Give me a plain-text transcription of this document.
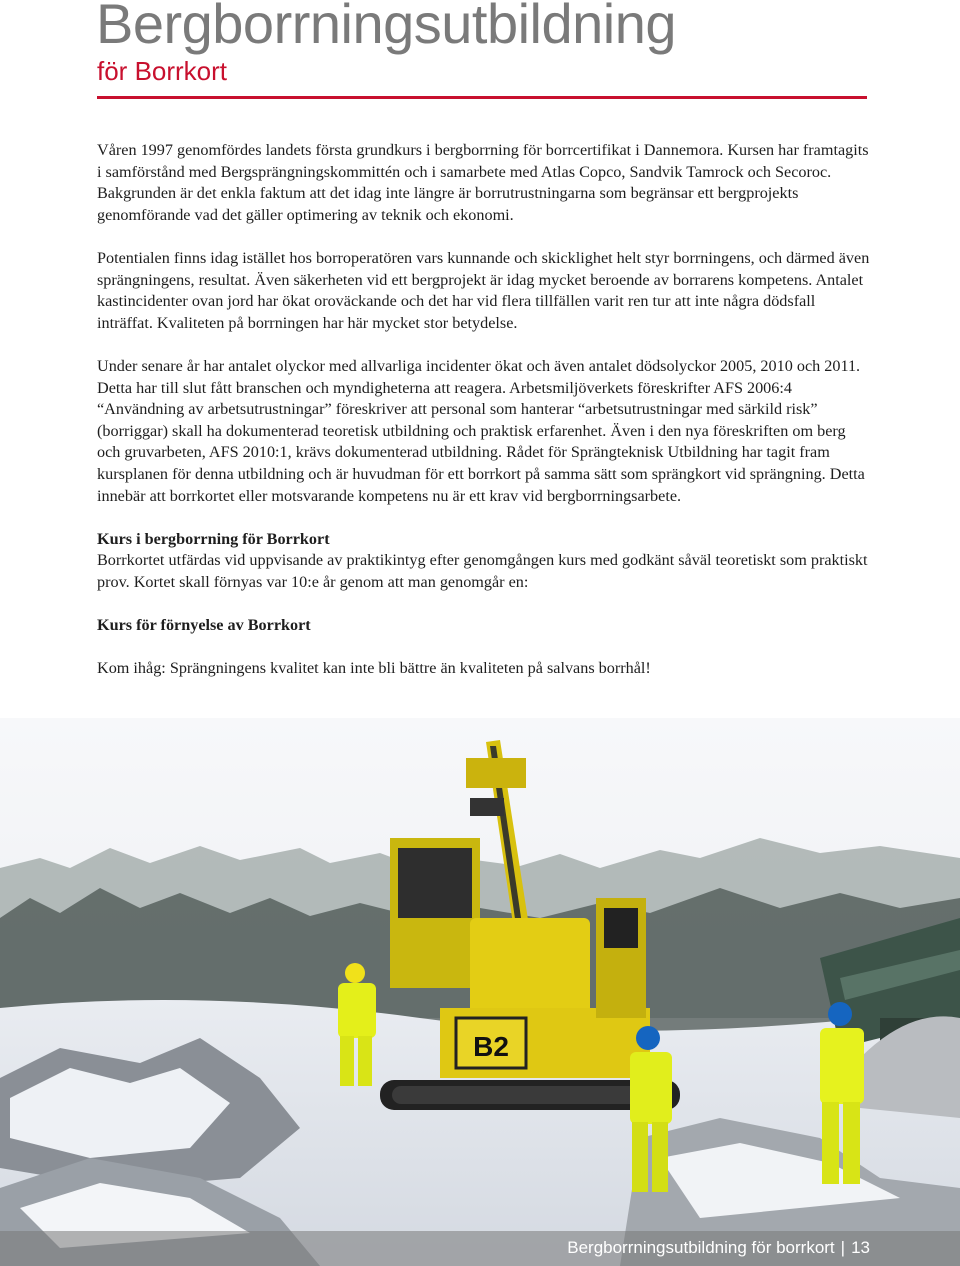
Bergborrningsutbildning
för Borrkort

Våren 1997 genomfördes landets första grundkurs i bergborrning för borrcertifikat i Dannemora. Kursen har framtagits i samförstånd med Bergsprängningskommittén och i samarbete med Atlas Copco, Sandvik Tamrock och Secoroc. Bakgrunden är det enkla faktum att det idag inte längre är borrutrustningarna som begränsar ett bergprojekts genomförande vad det gäller optimering av teknik och ekonomi.

Potentialen finns idag istället hos borroperatören vars kunnande och skicklighet helt styr borrningens, och därmed även sprängningens, resultat. Även säkerheten vid ett bergprojekt är idag mycket beroende av borrarens kompetens. Antalet kastincidenter ovan jord har ökat oroväckande och det har vid flera tillfällen varit ren tur att inte några dödsfall inträffat. Kvaliteten på borrningen har här mycket stor betydelse.

Under senare år har antalet olyckor med allvarliga incidenter ökat och även antalet dödsolyckor 2005, 2010 och 2011. Detta har till slut fått branschen och myndigheterna att reagera. Arbetsmiljöverkets föreskrifter AFS 2006:4 “Användning av arbetsutrustningar” föreskriver att personal som hanterar “arbetsutrustningar med särkild risk” (borriggar) skall ha dokumenterad teoretisk utbildning och praktisk erfarenhet. Även i den nya föreskriften om berg och gruvarbeten, AFS 2010:1, krävs dokumenterad utbildning. Rådet för Sprängteknisk Utbildning har tagit fram kursplanen för denna utbildning och är huvudman för ett borrkort på samma sätt som sprängkort vid sprängning. Detta innebär att borrkortet eller motsvarande kompetens nu är ett krav vid bergborrningsarbete.

Kurs i bergborrning för Borrkort

Borrkortet utfärdas vid uppvisande av praktikintyg efter genomgången kurs med godkänt såväl teoretiskt som praktiskt prov. Kortet skall förnyas var 10:e år genom att man genomgår en:

Kurs för förnyelse av Borrkort

Kom ihåg: Sprängningens kvalitet kan inte bli bättre än kvaliteten på salvans borrhål!

B2
Bergborrningsutbildning för borrkort | 13
